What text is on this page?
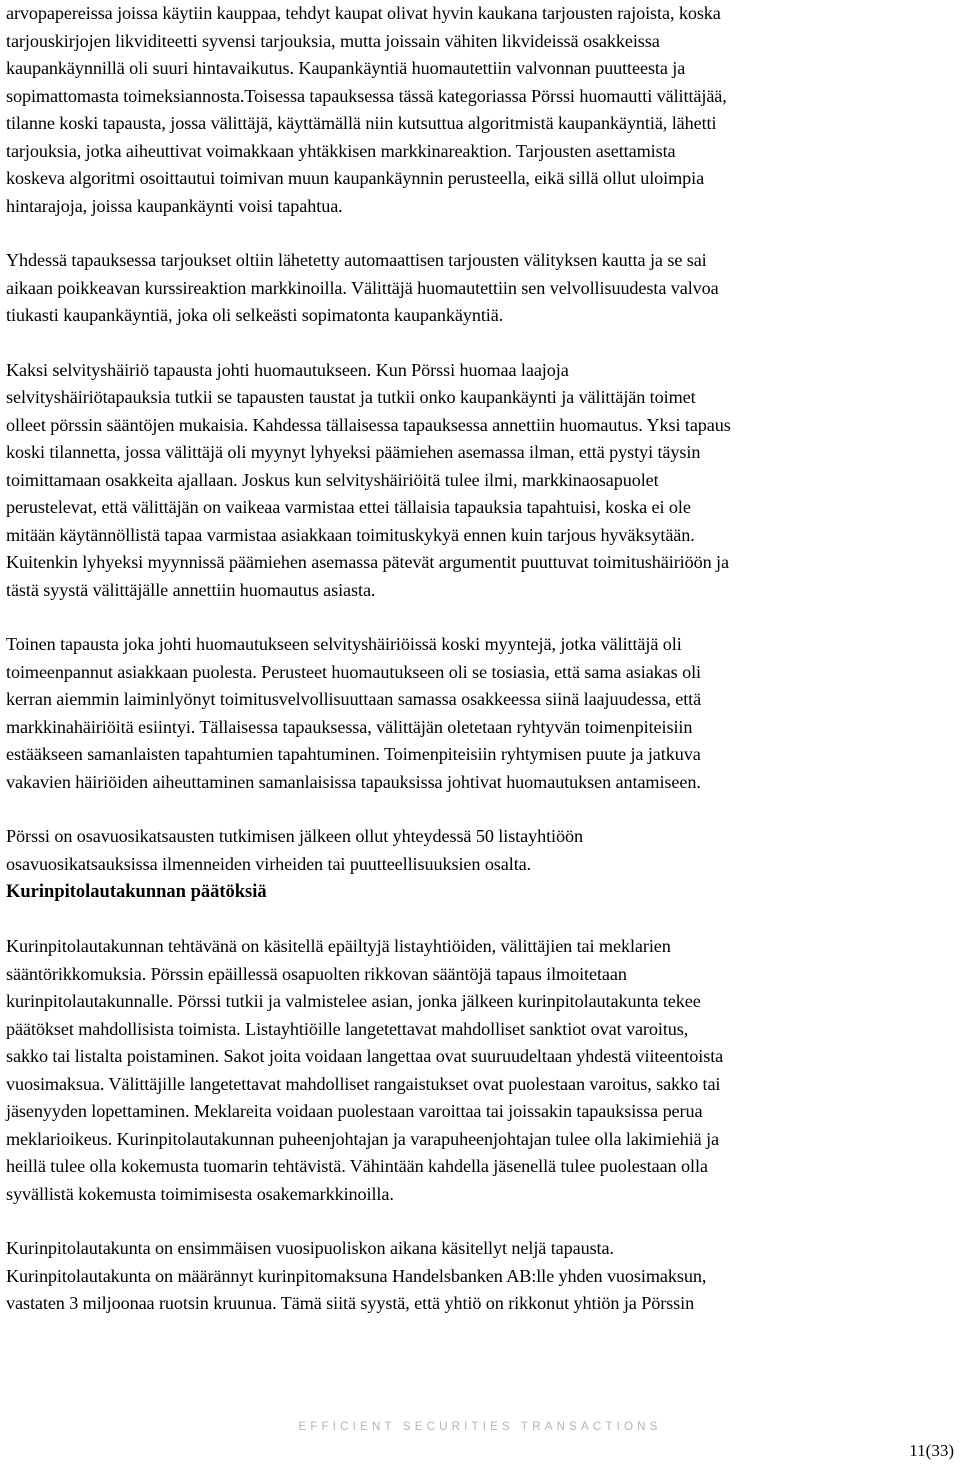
arvopapereissa joissa käytiin kauppaa, tehdyt kaupat olivat hyvin kaukana tarjousten rajoista, koska
tarjouskirjojen likviditeetti syvensi tarjouksia, mutta joissain vähiten likvideissä osakkeissa
kaupankäynnillä oli suuri hintavaikutus. Kaupankäyntiä huomautettiin valvonnan puutteesta ja
sopimattomasta toimeksiannosta.Toisessa tapauksessa tässä kategoriassa Pörssi huomautti välittäjää,
tilanne koski tapausta, jossa välittäjä, käyttämällä niin kutsuttua algoritmistä kaupankäyntiä, lähetti
tarjouksia, jotka aiheuttivat voimakkaan yhtäkkisen markkinareaktion. Tarjousten asettamista
koskeva algoritmi osoittautui toimivan muun kaupankäynnin perusteella, eikä sillä ollut uloimpia
hintarajoja, joissa kaupankäynti voisi tapahtua.

Yhdessä tapauksessa tarjoukset oltiin lähetetty automaattisen tarjousten välityksen kautta ja se sai
aikaan poikkeavan kurssireaktion markkinoilla. Välittäjä huomautettiin sen velvollisuudesta valvoa
tiukasti kaupankäyntiä, joka oli selkeästi sopimatonta kaupankäyntiä.

Kaksi selvityshäiriö tapausta johti huomautukseen. Kun Pörssi huomaa laajoja
selvityshäiriötapauksia tutkii se tapausten taustat ja tutkii onko kaupankäynti ja välittäjän toimet
olleet pörssin sääntöjen mukaisia. Kahdessa tällaisessa tapauksessa annettiin huomautus. Yksi tapaus
koski tilannetta, jossa välittäjä oli myynyt lyhyeksi päämiehen asemassa ilman, että pystyi täysin
toimittamaan osakkeita ajallaan. Joskus kun selvityshäiriöitä tulee ilmi, markkinaosapuolet
perustelevat, että välittäjän on vaikeaa varmistaa ettei tällaisia tapauksia tapahtuisi, koska ei ole
mitään käytännöllistä tapaa varmistaa asiakkaan toimituskykyä ennen kuin tarjous hyväksytään.
Kuitenkin lyhyeksi myynnissä päämiehen asemassa pätevät argumentit puuttuvat toimitushäiriöön ja
tästä syystä välittäjälle annettiin huomautus asiasta.

Toinen tapausta joka johti huomautukseen selvityshäiriöissä koski myyntejä, jotka välittäjä oli
toimeenpannut asiakkaan puolesta. Perusteet huomautukseen oli se tosiasia, että sama asiakas oli
kerran aiemmin laiminlyönyt toimitusvelvollisuuttaan samassa osakkeessa siinä laajuudessa, että
markkinahäiriöitä esiintyi. Tällaisessa tapauksessa, välittäjän oletetaan ryhtyvän toimenpiteisiin
estääkseen samanlaisten tapahtumien tapahtuminen. Toimenpiteisiin ryhtymisen puute ja jatkuva
vakavien häiriöiden aiheuttaminen samanlaisissa tapauksissa johtivat huomautuksen antamiseen.

Pörssi on osavuosikatsausten tutkimisen jälkeen ollut yhteydessä 50 listayhtiöön
osavuosikatsauksissa ilmenneiden virheiden tai puutteellisuuksien osalta.

Kurinpitolautakunnan päätöksiä

Kurinpitolautakunnan tehtävänä on käsitellä epäiltyjä listayhtiöiden, välittäjien tai meklarien
sääntörikkomuksia. Pörssin epäillessä osapuolten rikkovan sääntöjä tapaus ilmoitetaan
kurinpitolautakunnalle. Pörssi tutkii ja valmistelee asian, jonka jälkeen kurinpitolautakunta tekee
päätökset mahdollisista toimista. Listayhtiöille langetettavat mahdolliset sanktiot ovat varoitus,
sakko tai listalta poistaminen. Sakot joita voidaan langettaa ovat suuruudeltaan yhdestä viiteentoista
vuosimaksua. Välittäjille langetettavat mahdolliset rangaistukset ovat puolestaan varoitus, sakko tai
jäsenyyden lopettaminen. Meklareita voidaan puolestaan varoittaa tai joissakin tapauksissa perua
meklarioikeus. Kurinpitolautakunnan puheenjohtajan ja varapuheenjohtajan tulee olla lakimiehiä ja
heillä tulee olla kokemusta tuomarin tehtävistä. Vähintään kahdella jäsenellä tulee puolestaan olla
syvällistä kokemusta toimimisesta osakemarkkinoilla.

Kurinpitolautakunta on ensimmäisen vuosipuoliskon aikana käsitellyt neljä tapausta.
Kurinpitolautakunta on määrännyt kurinpitomaksuna Handelsbanken AB:lle yhden vuosimaksun,
vastaten 3 miljoonaa ruotsin kruunua. Tämä siitä syystä, että yhtiö on rikkonut yhtiön ja Pörssin

EFFICIENT SECURITIES TRANSACTIONS
11(33)
